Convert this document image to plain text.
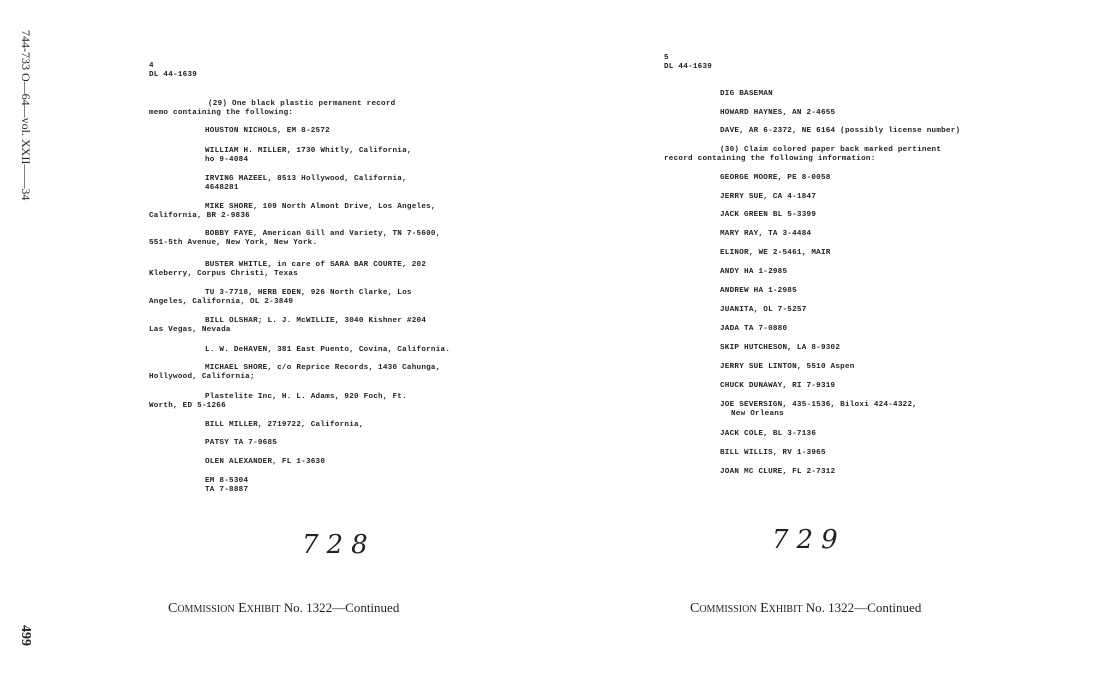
744-733 O—64—vol. XXII——34
499
4
DL 44-1639
(29) One black plastic permanent record
memo containing the following:
HOUSTON NICHOLS, EM 8-2572
WILLIAM H. MILLER, 1730 Whitly, California,
ho 9-4084
IRVING MAZEEL, 8513 Hollywood, California,
4648281
MIKE SHORE, 109 North Almont Drive, Los Angeles,
California, BR 2-9836
BOBBY FAYE, American Gill and Variety, TN 7-5600,
551-5th Avenue, New York, New York.
BUSTER WHITLE, in care of SARA BAR COURTE, 202
Kleberry, Corpus Christi, Texas
TU 3-7718, HERB EDEN, 926 North Clarke, Los
Angeles, California, OL 2-3849
BILL OLSHAR; L. J. McWILLIE, 3040 Kishner #204
Las Vegas, Nevada
L. W. DeHAVEN, 381 East Puento, Covina, California.
MICHAEL SHORE, c/o Reprice Records, 1430 Cahunga,
Hollywood, California;
Plastelite Inc, H. L. Adams, 920 Foch, Ft.
Worth, ED 5-1266
BILL MILLER, 2719722, California,
PATSY TA 7-9685
OLEN ALEXANDER, FL 1-3630
EM 8-5304
TA 7-8887
728
Commission Exhibit No. 1322—Continued
5
DL 44-1639
DIG BASEMAN
HOWARD HAYNES, AN 2-4655
DAVE, AR 6-2372, NE 6164 (possibly license number)
(30) Claim colored paper back marked pertinent
record containing the following information:
GEORGE MOORE, PE 8-0058
JERRY SUE, CA 4-1847
JACK GREEN BL 5-3399
MARY RAY, TA 3-4484
ELINOR, WE 2-5461, MAIR
ANDY HA 1-2985
ANDREW HA 1-2985
JUANITA, OL 7-5257
JADA TA 7-0880
SKIP HUTCHESON, LA 8-9302
JERRY SUE LINTON, 5510 Aspen
CHUCK DUNAWAY, RI 7-9319
JOE SEVERSIGN, 435-1536, Biloxi 424-4322,
New Orleans
JACK COLE, BL 3-7136
BILL WILLIS, RV 1-3965
JOAN MC CLURE, FL 2-7312
729
Commission Exhibit No. 1322—Continued
